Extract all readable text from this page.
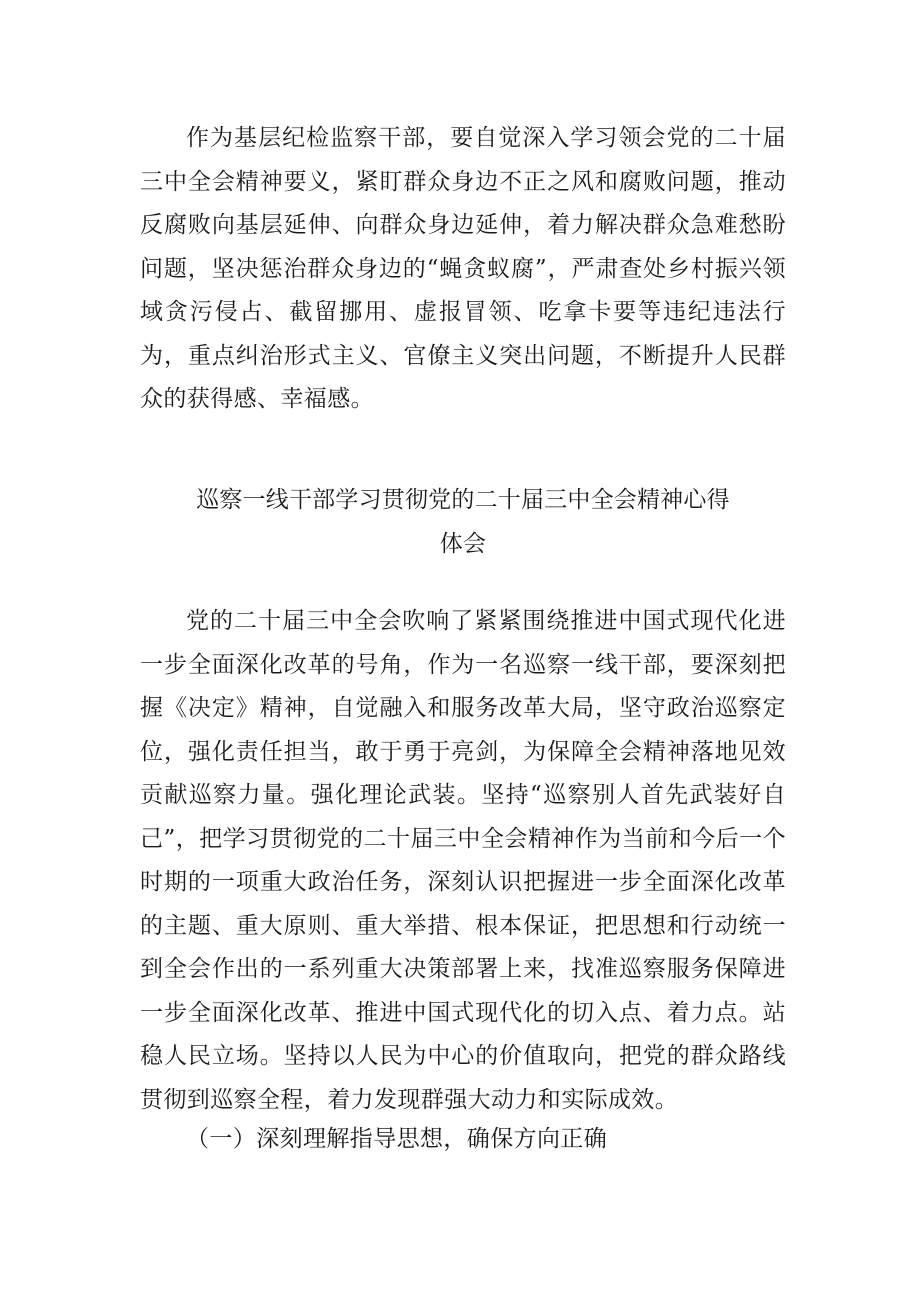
作为基层纪检监察干部，要自觉深入学习领会党的二十届三中全会精神要义，紧盯群众身边不正之风和腐败问题，推动反腐败向基层延伸、向群众身边延伸，着力解决群众急难愁盼问题，坚决惩治群众身边的“蝇贪蚁腐”，严肃查处乡村振兴领域贪污侵占、截留挪用、虚报冒领、吃拿卡要等违纪违法行为，重点纠治形式主义、官僚主义突出问题，不断提升人民群众的获得感、幸福感。

巡察一线干部学习贯彻党的二十届三中全会精神心得
体会

党的二十届三中全会吹响了紧紧围绕推进中国式现代化进一步全面深化改革的号角，作为一名巡察一线干部，要深刻把握《决定》精神，自觉融入和服务改革大局，坚守政治巡察定位，强化责任担当，敢于勇于亮剑，为保障全会精神落地见效贡献巡察力量。强化理论武装。坚持“巡察别人首先武装好自己”，把学习贯彻党的二十届三中全会精神作为当前和今后一个时期的一项重大政治任务，深刻认识把握进一步全面深化改革的主题、重大原则、重大举措、根本保证，把思想和行动统一到全会作出的一系列重大决策部署上来，找准巡察服务保障进一步全面深化改革、推进中国式现代化的切入点、着力点。站稳人民立场。坚持以人民为中心的价值取向，把党的群众路线贯彻到巡察全程，着力发现群强大动力和实际成效。

（一）深刻理解指导思想，确保方向正确
